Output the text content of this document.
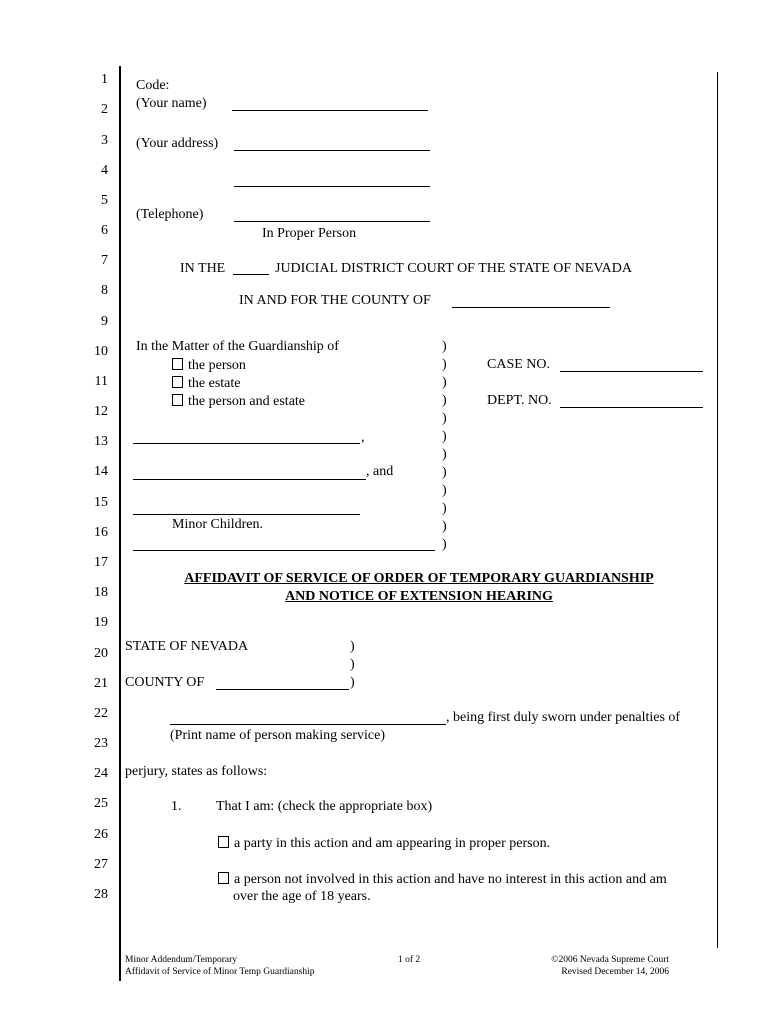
1
2
3
4
5
6
7
8
9
10
11
12
13
14
15
16
17
18
19
20
21
22
23
24
25
26
27
28
Code:
(Your name)
(Your address)
(Telephone)
In Proper Person
IN THE	JUDICIAL DISTRICT COURT OF THE STATE OF NEVADA
IN AND FOR THE COUNTY OF
In the Matter of the Guardianship of
the person
the estate
the person and estate
,
, and
Minor Children.
)
)
)
)
)
)
)
)
)
)
)
)
CASE NO.
DEPT. NO.
AFFIDAVIT OF SERVICE OF ORDER OF TEMPORARY GUARDIANSHIP
AND NOTICE OF EXTENSION HEARING
STATE OF NEVADA	)
)
COUNTY OF	)
, being first duly sworn under penalties of
(Print name of person making service)
perjury, states as follows:
1. That I am: (check the appropriate box)
a party in this action and am appearing in proper person.
a person not involved in this action and have no interest in this action and am
over the age of 18 years.
Minor Addendum/Temporary
Affidavit of Service of Minor Temp Guardianship
1 of 2	©2006 Nevada Supreme Court
Revised December 14, 2006
